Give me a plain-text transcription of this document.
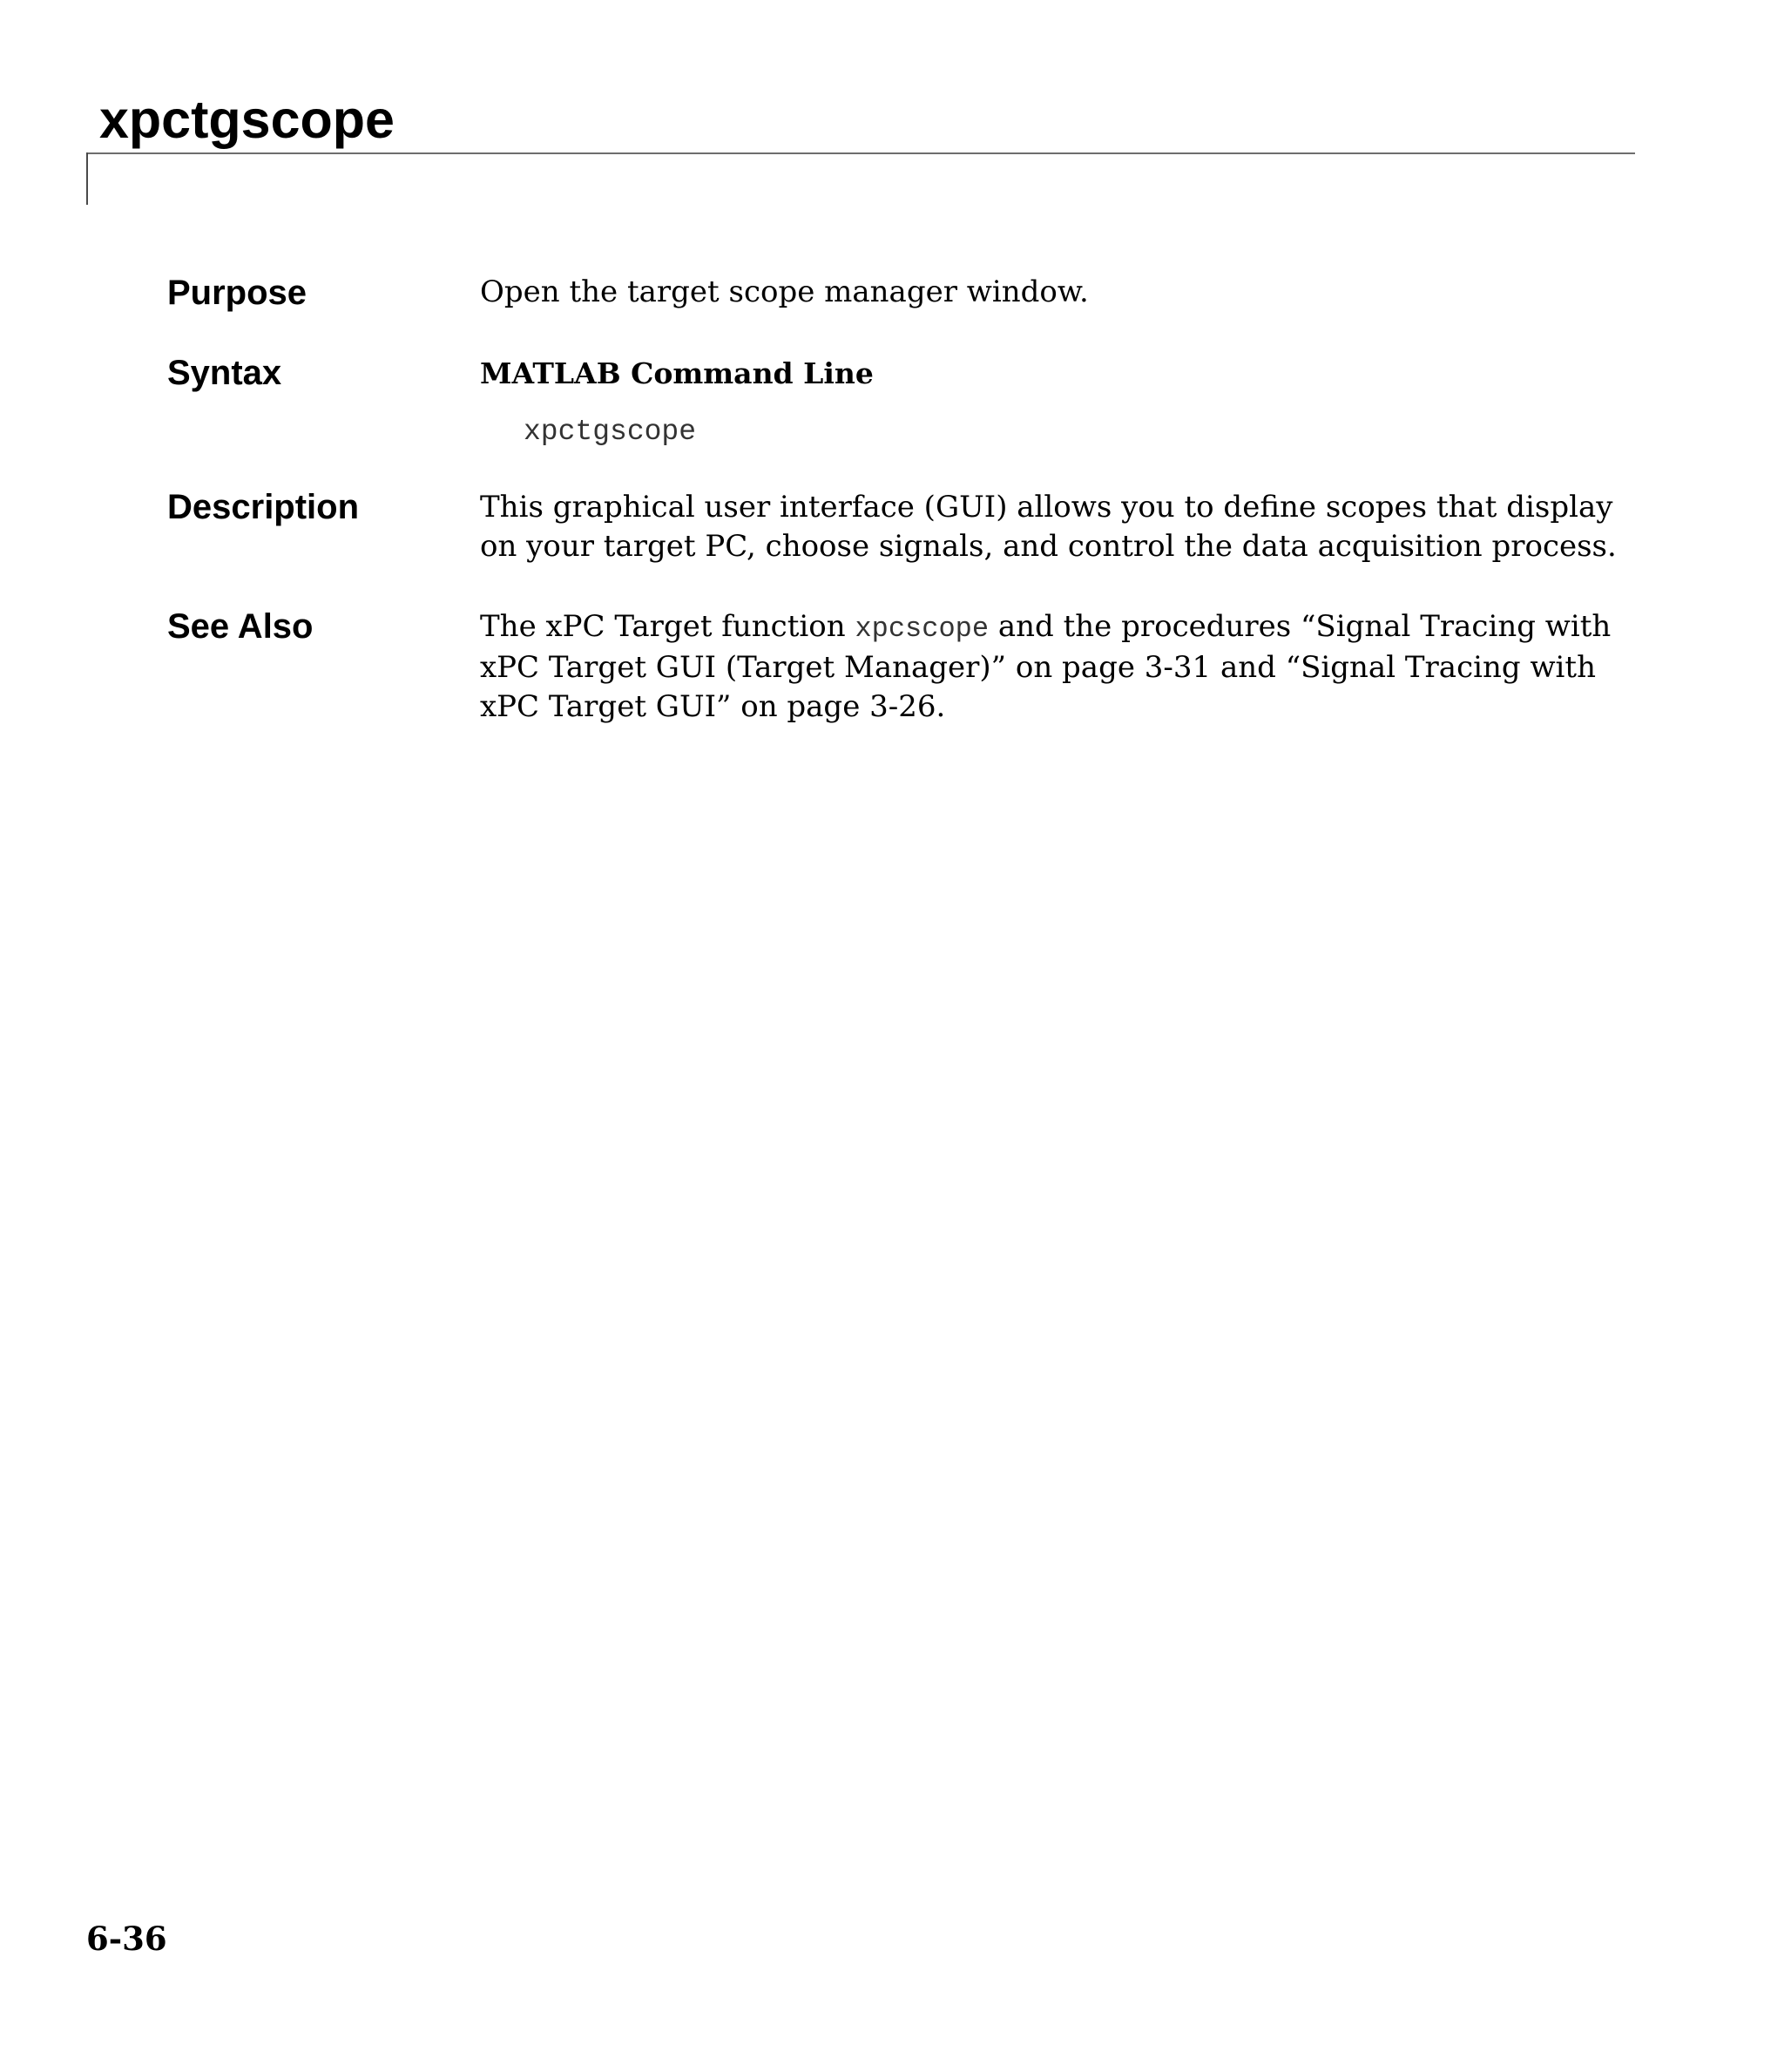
xpctgscope
Purpose	Open the target scope manager window.
Syntax	MATLAB Command Line
xpctgscope
Description	This graphical user interface (GUI) allows you to define scopes that display on your target PC, choose signals, and control the data acquisition process.
See Also	The xPC Target function xpcscope and the procedures “Signal Tracing with xPC Target GUI (Target Manager)” on page 3-31 and “Signal Tracing with xPC Target GUI” on page 3-26.
6-36
